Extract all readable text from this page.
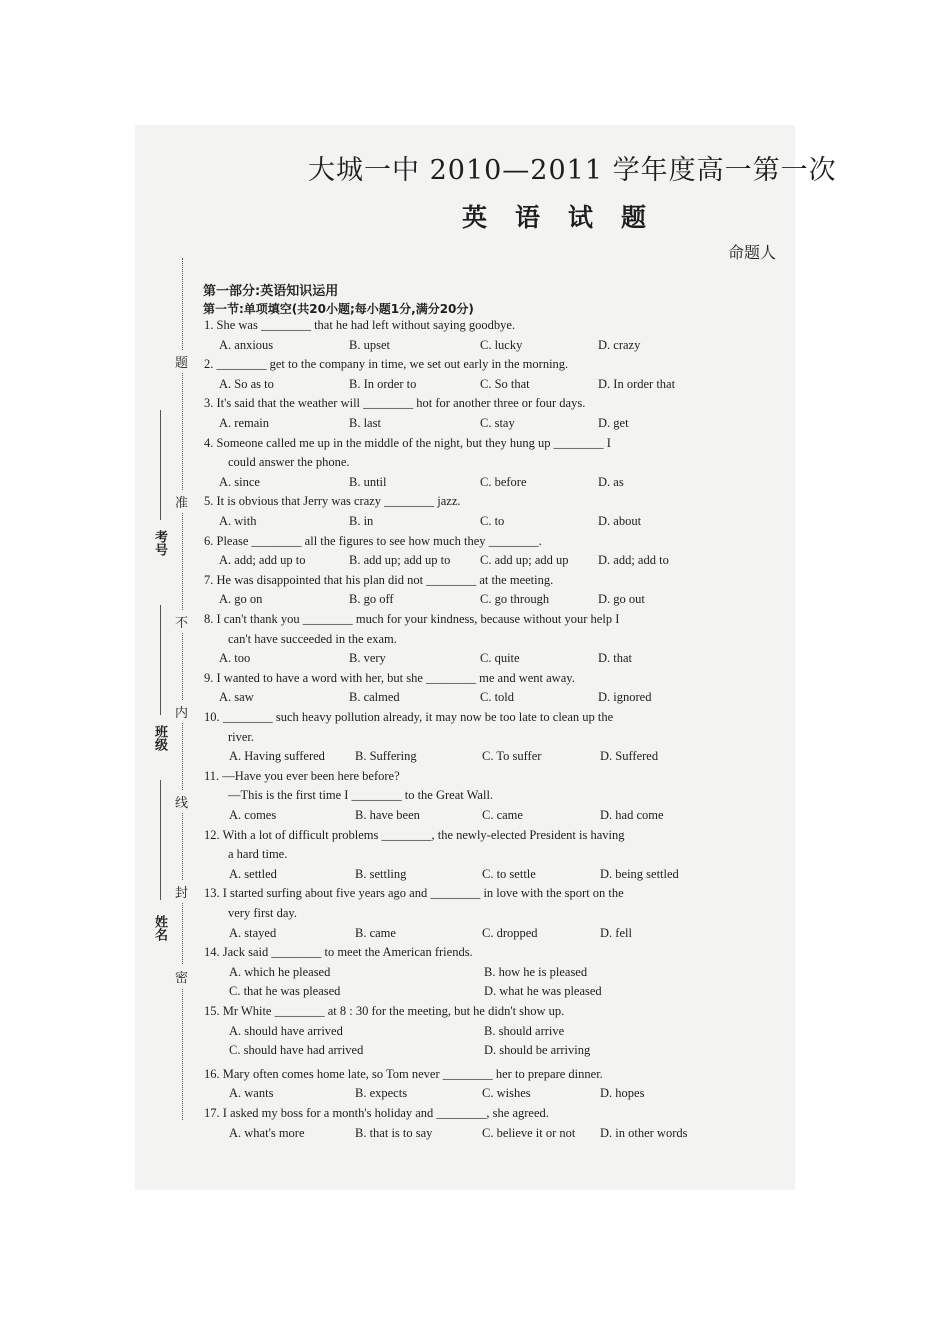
大城一中 2010—2011 学年度高一第一次
英语试题
命题人
第一部分:英语知识运用
第一节:单项填空(共20小题;每小题1分,满分20分)
题
准
不
内
线
封
密
考号
班级
姓名
1. She was ________ that he had left without saying goodbye.
A. anxious	B. upset	C. lucky	D. crazy
2. ________ get to the company in time, we set out early in the morning.
A. So as to	B. In order to	C. So that	D. In order that
3. It's said that the weather will ________ hot for another three or four days.
A. remain	B. last	C. stay	D. get
4. Someone called me up in the middle of the night, but they hung up ________ I
could answer the phone.
A. since	B. until	C. before	D. as
5. It is obvious that Jerry was crazy ________ jazz.
A. with	B. in	C. to	D. about
6. Please ________ all the figures to see how much they ________.
A. add; add up to	B. add up; add up to C. add up; add up D. add; add to
7. He was disappointed that his plan did not ________ at the meeting.
A. go on	B. go off	C. go through	D. go out
8. I can't thank you ________ much for your kindness, because without your help I
can't have succeeded in the exam.
A. too	B. very	C. quite	D. that
9. I wanted to have a word with her, but she ________ me and went away.
A. saw	B. calmed	C. told	D. ignored
10. ________ such heavy pollution already, it may now be too late to clean up the
river.
A. Having suffered B. Suffering	C. To suffer	D. Suffered
11. —Have you ever been here before?
—This is the first time I ________ to the Great Wall.
A. comes	B. have been	C. came	D. had come
12. With a lot of difficult problems ________, the newly-elected President is having
a hard time.
A. settled	B. settling	C. to settle	D. being settled
13. I started surfing about five years ago and ________ in love with the sport on the
very first day.
A. stayed	B. came	C. dropped	D. fell
14. Jack said ________ to meet the American friends.
A. which he pleased	B. how he is pleased
C. that he was pleased	D. what he was pleased
15. Mr White ________ at 8 : 30 for the meeting, but he didn't show up.
A. should have arrived	B. should arrive
C. should have had arrived	D. should be arriving
16. Mary often comes home late, so Tom never ________ her to prepare dinner.
A. wants	B. expects	C. wishes	D. hopes
17. I asked my boss for a month's holiday and ________, she agreed.
A. what's more	B. that is to say	C. believe it or not D. in other words
